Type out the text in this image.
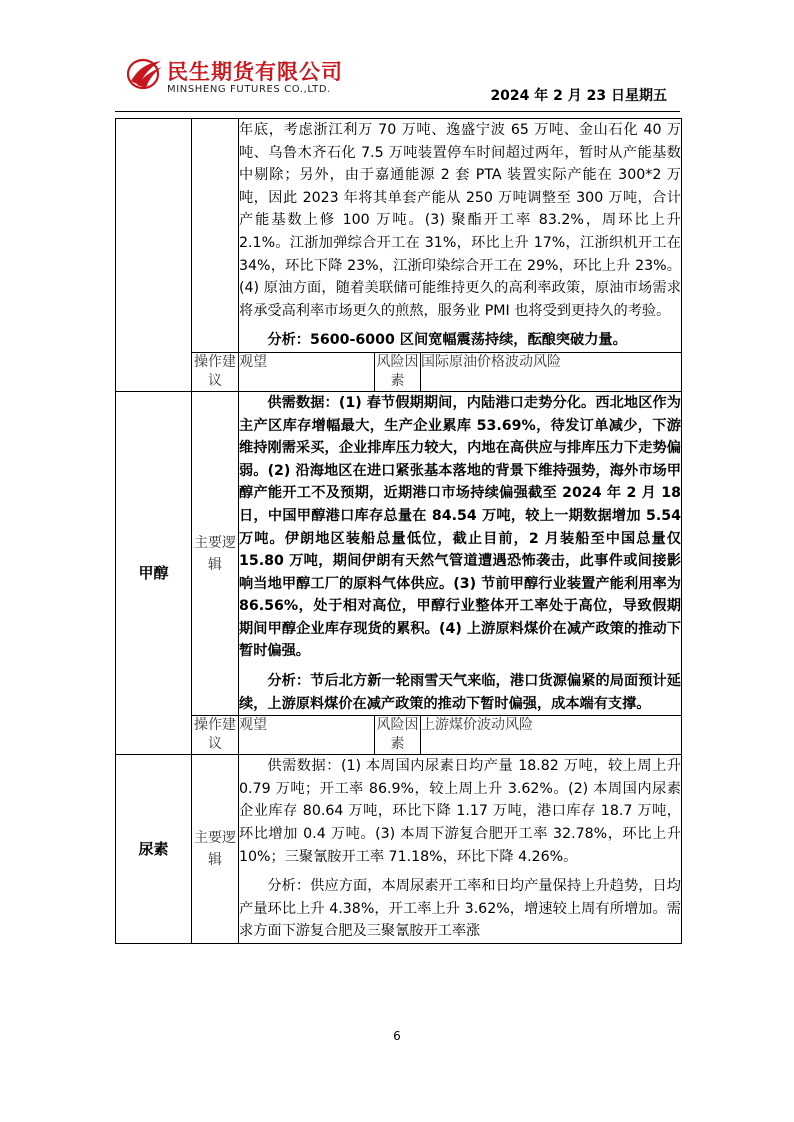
民生期货有限公司
MINSHENG FUTURES CO.,LTD.	2024 年 2 月 23 日星期五

		年底，考虑浙江利万 70 万吨、逸盛宁波 65 万吨、金山石化 40 万吨、乌鲁木齐石化 7.5 万吨装置停车时间超过两年，暂时从产能基数中剔除；另外，由于嘉通能源 2 套 PTA 装置实际产能在 300*2 万吨，因此 2023 年将其单套产能从 250 万吨调整至 300 万吨，合计产能基数上修 100 万吨。(3) 聚酯开工率 83.2%，周环比上升 2.1%。江浙加弹综合开工在 31%，环比上升 17%，江浙织机开工在 34%，环比下降 23%，江浙印染综合开工在 29%，环比上升 23%。(4) 原油方面，随着美联储可能维持更久的高利率政策，原油市场需求将承受高利率市场更久的煎熬，服务业 PMI 也将受到更持久的考验。

分析：5600-6000 区间宽幅震荡持续，酝酿突破力量。		

	操作建议	观望	风险因素	国际原油价格波动风险
甲醇	主要逻辑	供需数据：(1) 春节假期期间，内陆港口走势分化。西北地区作为主产区库存增幅最大，生产企业累库 53.69%，待发订单减少，下游维持刚需采买，企业排库压力较大，内地在高供应与排库压力下走势偏弱。(2) 沿海地区在进口紧张基本落地的背景下维持强势，海外市场甲醇产能开工不及预期，近期港口市场持续偏强截至 2024 年 2 月 18 日，中国甲醇港口库存总量在 84.54 万吨，较上一期数据增加 5.54 万吨。伊朗地区装船总量低位，截止目前，2 月装船至中国总量仅 15.80 万吨，期间伊朗有天然气管道遭遇恐怖袭击，此事件或间接影响当地甲醇工厂的原料气体供应。(3) 节前甲醇行业装置产能利用率为 86.56%，处于相对高位，甲醇行业整体开工率处于高位，导致假期期间甲醇企业库存现货的累积。(4) 上游原料煤价在减产政策的推动下暂时偏强。

分析：节后北方新一轮雨雪天气来临，港口货源偏紧的局面预计延续，上游原料煤价在减产政策的推动下暂时偏强，成本端有支撑。		

	操作建议	观望	风险因素	上游煤价波动风险
尿素	主要逻辑	供需数据：(1) 本周国内尿素日均产量 18.82 万吨，较上周上升 0.79 万吨；开工率 86.9%，较上周上升 3.62%。(2) 本周国内尿素企业库存 80.64 万吨，环比下降 1.17 万吨，港口库存 18.7 万吨，环比增加 0.4 万吨。(3) 本周下游复合肥开工率 32.78%，环比上升 10%；三聚氰胺开工率 71.18%，环比下降 4.26%。

分析：供应方面，本周尿素开工率和日均产量保持上升趋势，日均产量环比上升 4.38%，开工率上升 3.62%，增速较上周有所增加。需求方面下游复合肥及三聚氰胺开工率涨		

6
